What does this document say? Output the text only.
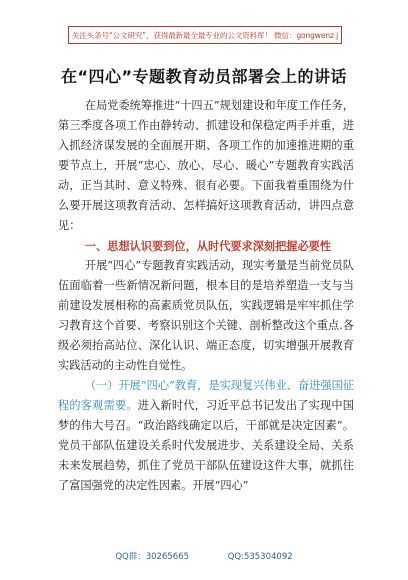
关注头条号“公文研究”，获得最新最全最专业的公文资料库！ 微信：gongwenz j
在“四心”专题教育动员部署会上的讲话

在局党委统筹推进“十四五”规划建设和年度工作任务，第三季度各项工作由静转动、抓建设和保稳定两手并重，进入抓经济谋发展的全面展开期、各项工作的加速推进期的重要节点上，开展“忠心、放心、尽心、暖心”专题教育实践活动，正当其时、意义特殊、很有必要。下面我着重围绕为什么要开展这项教育活动、怎样搞好这项教育活动，讲四点意见：

一、思想认识要到位，从时代要求深刻把握必要性

开展“四心”专题教育实践活动，现实考量是当前党员队伍面临着一些新情况新问题，根本目的是培养塑造一支与当前建设发展相称的高素质党员队伍，实践逻辑是牢牢抓住学习教育这个首要、考察识别这个关键、剖析整改这个重点.各级必须抬高站位、深化认识、端正态度，切实增强开展教育实践活动的主动性自觉性。

（一）开展“四心”教育，是实现复兴伟业、奋进强国征程的客观需要。进入新时代，习近平总书记发出了实现中国梦的伟大号召。“政治路线确定以后，干部就是决定因素”。党员干部队伍建设关系时代发展进步、关系建设全局、关系未来发展趋势，抓住了党员干部队伍建设这件大事，就抓住了富国强党的决定性因素。开展“四心”

QQ群：30265665	QQ:535304092
